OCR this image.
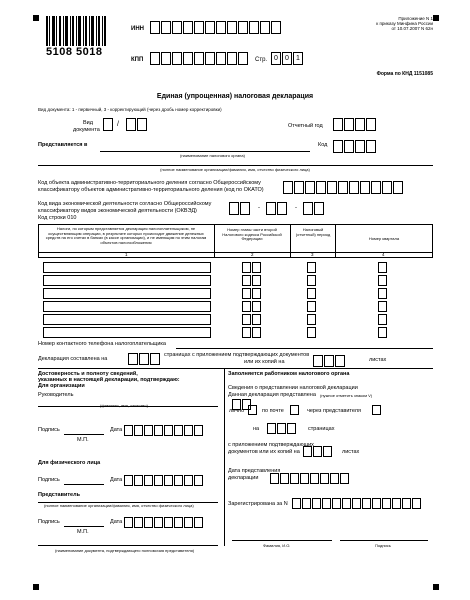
5108 5018
ИНН
Приложение N 1
к приказу Минфина России
от 10.07.2007 N 62н
КПП	Стр. 0	0	1
Форма по КНД 1151085
Единая (упрощенная) налоговая декларация
Вид документа: 1 - первичный, 3 - корректирующий (через дробь номер корректировки)
Вид
документа
/	Отчетный год
Представляется в	Код
(наименование налогового органа)
(полное наименование организации/фамилия, имя, отчество физического лица)
Код объекта административно-территориального деления согласно Общероссийскому
классификатору объектов административно-территориального деления (код по ОКАТО)
Код вида экономической деятельности согласно Общероссийскому
классификатору видов экономической деятельности (ОКВЭД)
Код строки 010
-	-
Налоги, по которым представляется декларация налогоплательщиком, не осуществляющим операции, в результате которых происходит движение денежных средств на его счетах в банках (в кассе организации), и не имеющим по этим налогам объектов налогообложения
Номер главы части второй Налогового кодекса Российской Федерации
Налоговый (отчетный) период
Номер квартала
1	2	3	4
Номер контактного телефона налогоплательщика
Декларация составлена на
страницах с приложением подтверждающих документов
или их копий на	листах
Достоверность и полноту сведений,
указанных в настоящей декларации, подтверждаю:
Для организации
Руководитель
(фамилия, имя, отчество)
Подпись	Дата
М.П.
Для физического лица
Подпись	Дата
Представитель
(полное наименование организации/фамилия, имя, отчество физического лица)
Подпись	Дата
М.П.
(наименование документа, подтверждающего полномочия представителя)
Заполняется работником налогового органа
Сведения о представлении налоговой декларации
Данная декларация представлена (нужное отметить знаком V)
лично	по почте	через представителя
на	страницах
с приложением подтверждающих
документов или их копий на	листах
Дата представления
декларации
Зарегистрирована за N
Фамилия, И.О.	Подпись
